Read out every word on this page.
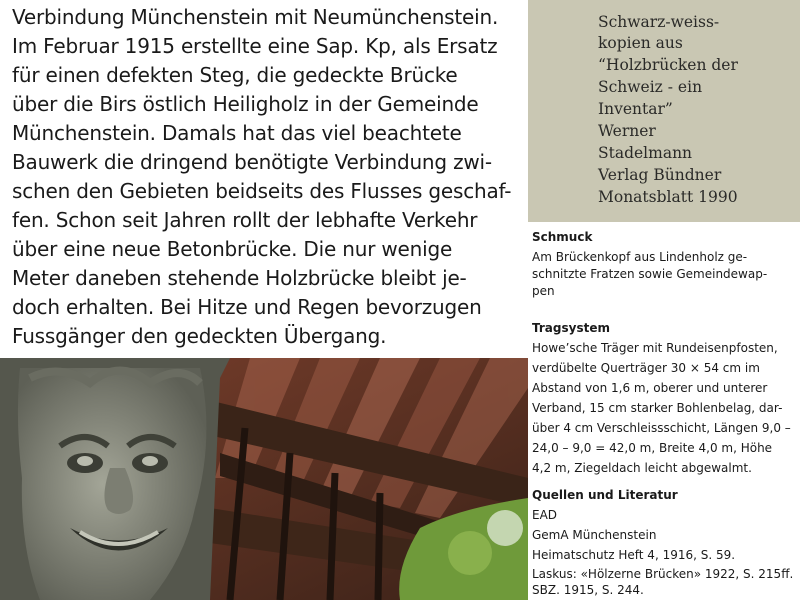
Verbindung Münchenstein mit Neumünchenstein.
Im Februar 1915 erstellte eine Sap. Kp, als Ersatz
für einen defekten Steg, die gedeckte Brücke
über die Birs östlich Heiligholz in der Gemeinde
Münchenstein. Damals hat das viel beachtete
Bauwerk die dringend benötigte Verbindung zwi-
schen den Gebieten beidseits des Flusses geschaf-
fen. Schon seit Jahren rollt der lebhafte Verkehr
über eine neue Betonbrücke. Die nur wenige
Meter daneben stehende Holzbrücke bleibt je-
doch erhalten. Bei Hitze und Regen bevorzugen
Fussgänger den gedeckten Übergang.
Schwarz-weiss-
kopien aus
“Holzbrücken der
Schweiz - ein
Inventar”
Werner
Stadelmann
Verlag Bündner
Monatsblatt 1990
Schmuck
Am Brückenkopf aus Lindenholz ge-
schnitzte Fratzen sowie Gemeindewap-
pen
Tragsystem
Howe’sche Träger mit Rundeisenpfosten,
verdübelte Querträger 30 × 54 cm im
Abstand von 1,6 m, oberer und unterer
Verband, 15 cm starker Bohlenbelag, dar-
über 4 cm Verschleissschicht, Längen 9,0 –
24,0 – 9,0 = 42,0 m, Breite 4,0 m, Höhe
4,2 m, Ziegeldach leicht abgewalmt.
Quellen und Literatur
EAD
GemA Münchenstein
Heimatschutz Heft 4, 1916, S. 59.
Laskus: «Hölzerne Brücken» 1922, S. 215ff.
SBZ. 1915, S. 244.
